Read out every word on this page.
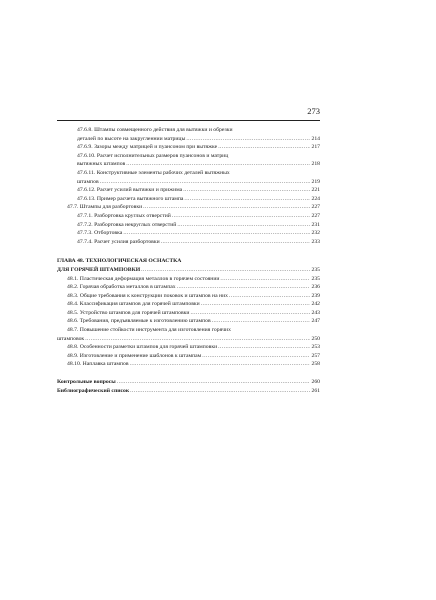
273
47.6.8. Штампы совмещенного действия для вытяжки и обрезки
деталей по высоте на закругленнии матрицы .....	214
47.6.9. Зазоры между матрицей и пуансоном при вытяжке .....	217
47.6.10. Расчет исполнительных размеров пуансонов и матриц
вытяжных штампов .....	218
47.6.11. Конструктивные элементы рабочих деталей вытяжных
штампов .....	219
47.6.12. Расчет усилий вытяжки и прижима .....	221
47.6.13. Пример расчета вытяжного штампа .....	224
47.7. Штампы для разбортовки .....	227
47.7.1. Разбортовка круглых отверстий .....	227
47.7.2. Разбортовка некруглых отверстий .....	231
47.7.3. Отбортовка .....	232
47.7.4. Расчет усилия разбортовки .....	233
ГЛАВА 48. ТЕХНОЛОГИЧЕСКАЯ ОСНАСТКА
ДЛЯ ГОРЯЧЕЙ ШТАМПОВКИ .....	235
48.1. Пластическая деформация металлов в горячем состоянии .....	235
48.2. Горячая обработка металлов в штампах .....	236
48.3. Общие требования к конструкции поковок и штампов на них .....	239
48.4. Классификация штампов для горячей штамповки .....	242
48.5. Устройство штампов для горячей штамповки .....	243
48.6. Требования, предъявляемые к изготовлению штампов .....	247
48.7. Повышение стойкости инструмента для изготовления горячих
штамповок .....	250
48.8. Особенности разметки штампов для горячей штамповки .....	253
48.9. Изготовление и применение шаблонов к штампам .....	257
48.10. Наплавка штампов .....	258
Контрольные вопросы .....	260
Библиографический список .....	261
